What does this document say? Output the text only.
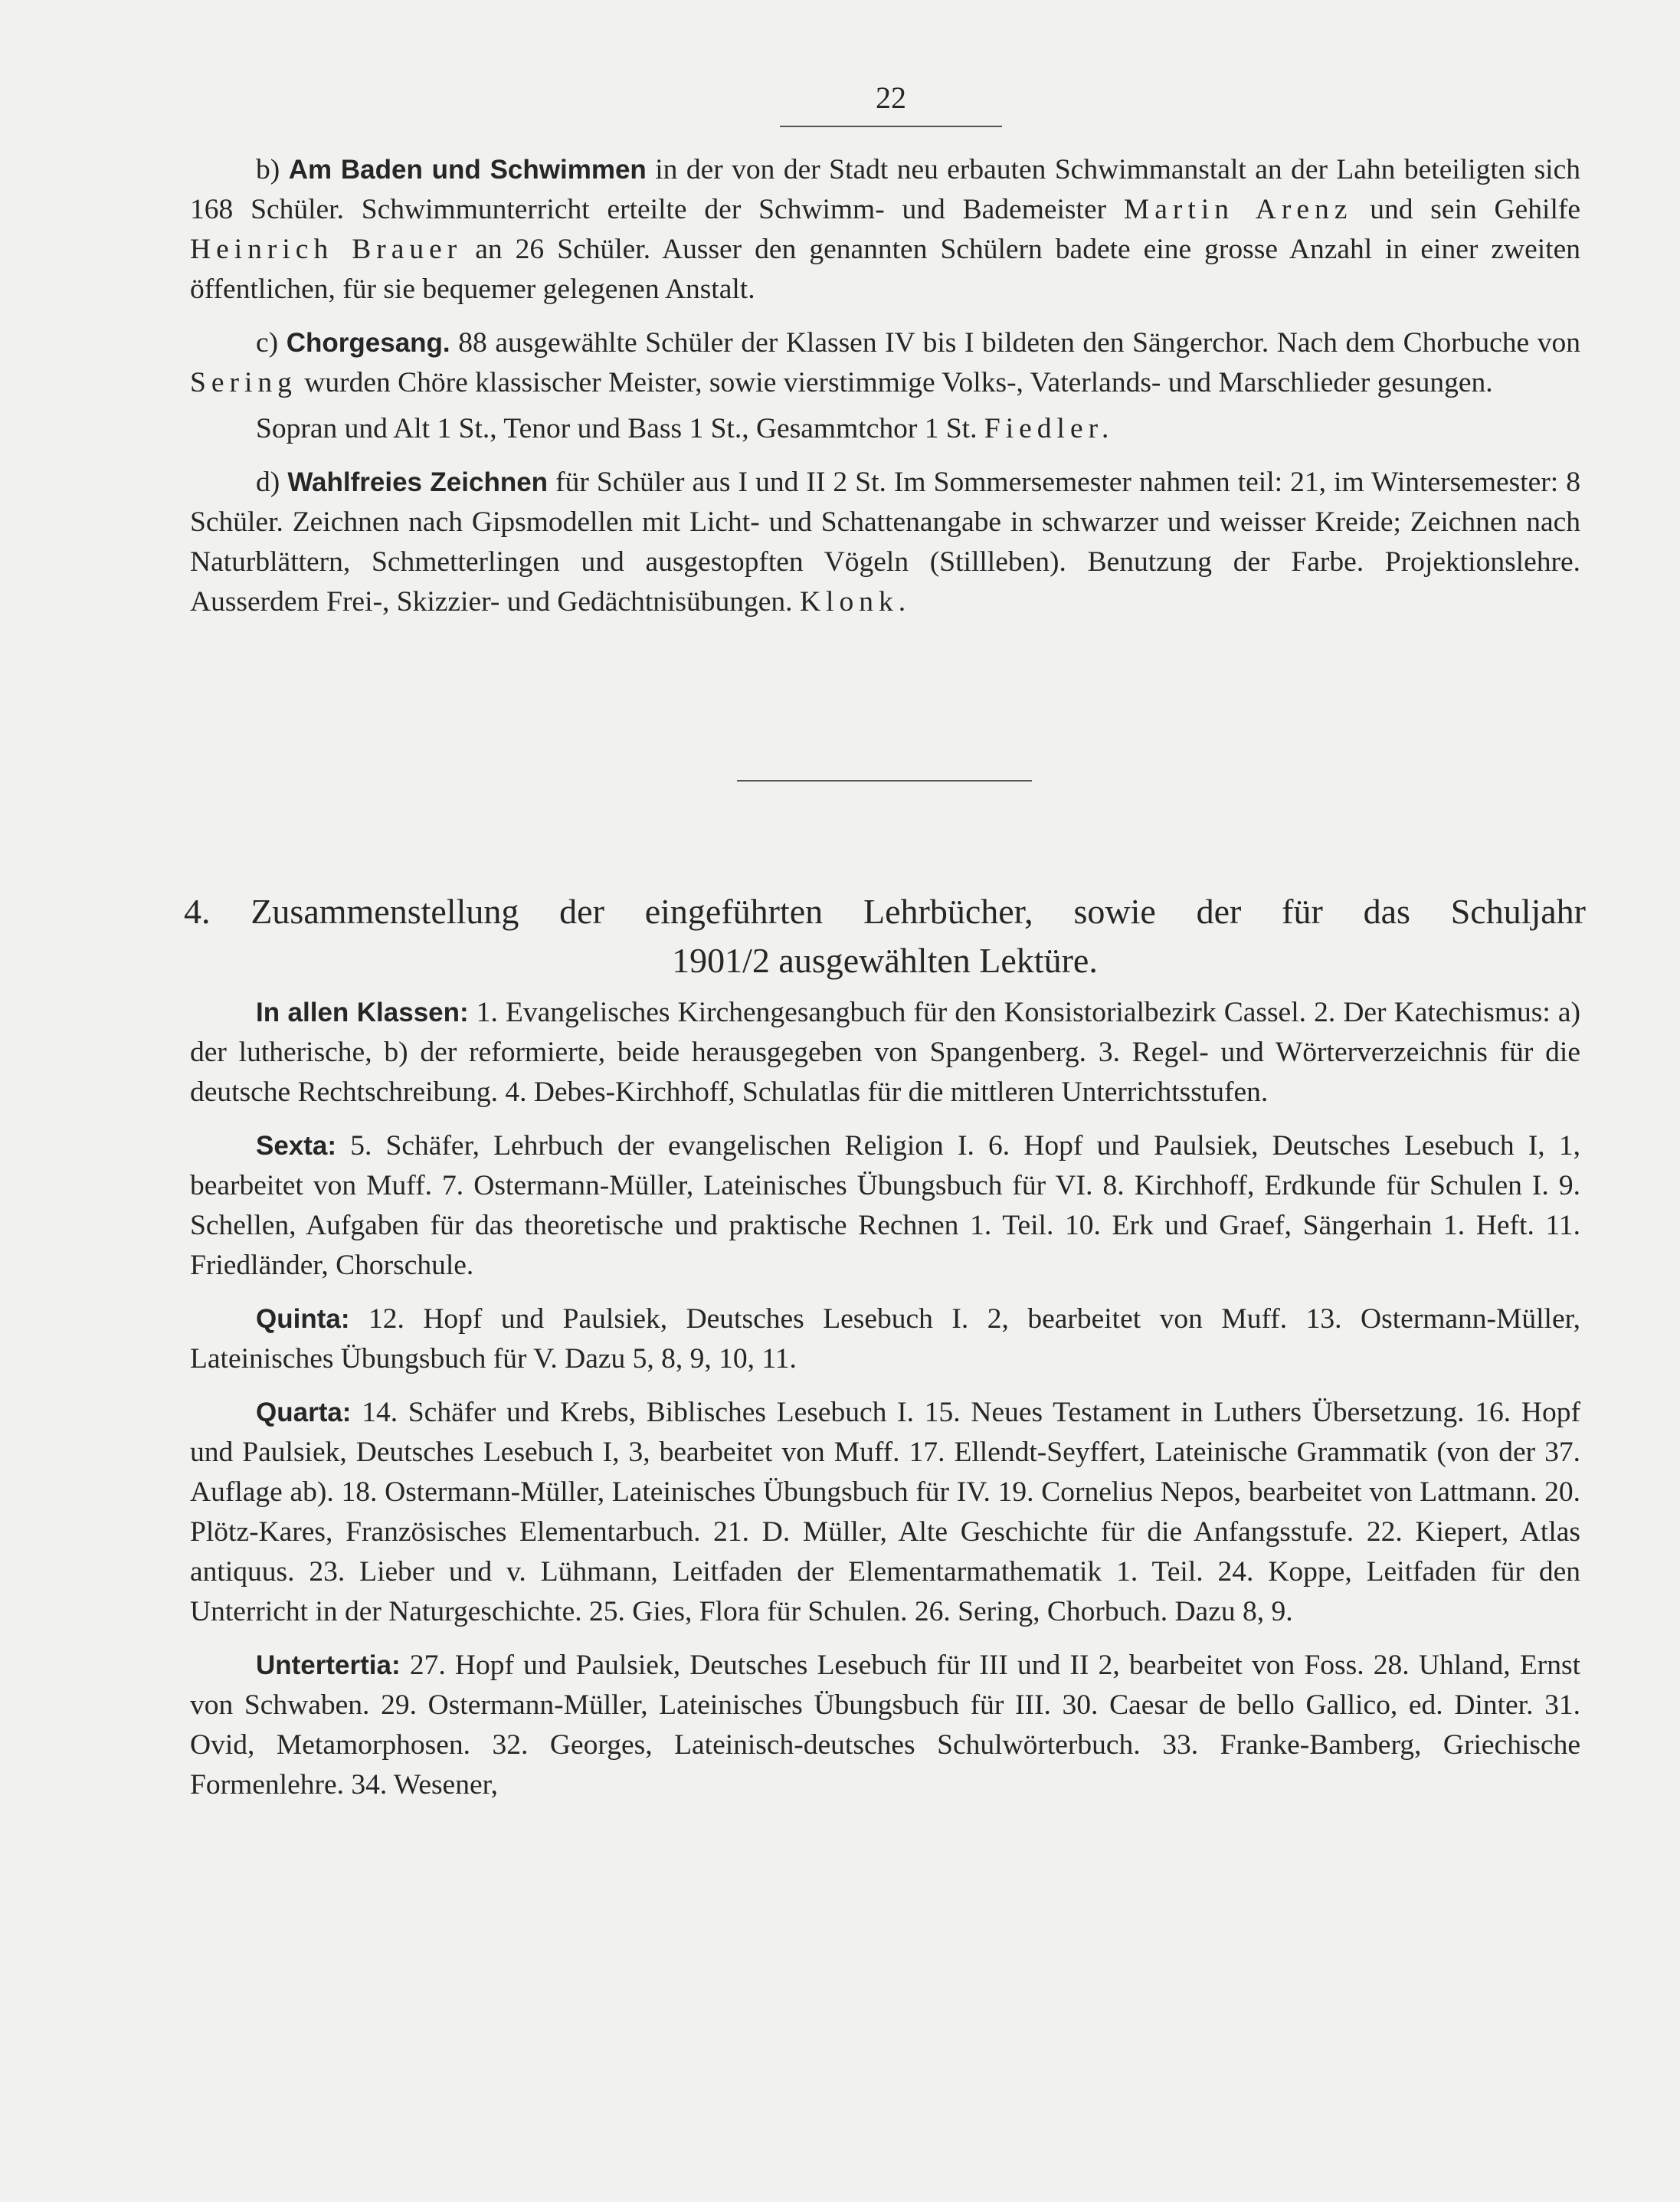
22

b) Am Baden und Schwimmen in der von der Stadt neu erbauten Schwimmanstalt an der Lahn beteiligten sich 168 Schüler. Schwimmunterricht erteilte der Schwimm- und Bademeister Martin Arenz und sein Gehilfe Heinrich Brauer an 26 Schüler. Ausser den genannten Schülern badete eine grosse Anzahl in einer zweiten öffentlichen, für sie bequemer gelegenen Anstalt.

c) Chorgesang. 88 ausgewählte Schüler der Klassen IV bis I bildeten den Sängerchor. Nach dem Chorbuche von Sering wurden Chöre klassischer Meister, sowie vierstimmige Volks-, Vaterlands- und Marschlieder gesungen.

Sopran und Alt 1 St., Tenor und Bass 1 St., Gesammtchor 1 St. Fiedler.

d) Wahlfreies Zeichnen für Schüler aus I und II 2 St. Im Sommersemester nahmen teil: 21, im Wintersemester: 8 Schüler. Zeichnen nach Gipsmodellen mit Licht- und Schattenangabe in schwarzer und weisser Kreide; Zeichnen nach Naturblättern, Schmetterlingen und ausgestopften Vögeln (Stillleben). Benutzung der Farbe. Projektionslehre. Ausserdem Frei-, Skizzier- und Gedächtnisübungen. Klonk.

4. Zusammenstellung der eingeführten Lehrbücher, sowie der für das Schuljahr
1901/2 ausgewählten Lektüre.

In allen Klassen: 1. Evangelisches Kirchengesangbuch für den Konsistorialbezirk Cassel. 2. Der Katechismus: a) der lutherische, b) der reformierte, beide herausgegeben von Spangenberg. 3. Regel- und Wörterverzeichnis für die deutsche Rechtschreibung. 4. Debes-Kirchhoff, Schulatlas für die mittleren Unterrichtsstufen.

Sexta: 5. Schäfer, Lehrbuch der evangelischen Religion I. 6. Hopf und Paulsiek, Deutsches Lesebuch I, 1, bearbeitet von Muff. 7. Ostermann-Müller, Lateinisches Übungsbuch für VI. 8. Kirchhoff, Erdkunde für Schulen I. 9. Schellen, Aufgaben für das theoretische und praktische Rechnen 1. Teil. 10. Erk und Graef, Sängerhain 1. Heft. 11. Friedländer, Chorschule.

Quinta: 12. Hopf und Paulsiek, Deutsches Lesebuch I. 2, bearbeitet von Muff. 13. Ostermann-Müller, Lateinisches Übungsbuch für V. Dazu 5, 8, 9, 10, 11.

Quarta: 14. Schäfer und Krebs, Biblisches Lesebuch I. 15. Neues Testament in Luthers Übersetzung. 16. Hopf und Paulsiek, Deutsches Lesebuch I, 3, bearbeitet von Muff. 17. Ellendt-Seyffert, Lateinische Grammatik (von der 37. Auflage ab). 18. Ostermann-Müller, Lateinisches Übungsbuch für IV. 19. Cornelius Nepos, bearbeitet von Lattmann. 20. Plötz-Kares, Französisches Elementarbuch. 21. D. Müller, Alte Geschichte für die Anfangsstufe. 22. Kiepert, Atlas antiquus. 23. Lieber und v. Lühmann, Leitfaden der Elementarmathematik 1. Teil. 24. Koppe, Leitfaden für den Unterricht in der Naturgeschichte. 25. Gies, Flora für Schulen. 26. Sering, Chorbuch. Dazu 8, 9.

Untertertia: 27. Hopf und Paulsiek, Deutsches Lesebuch für III und II 2, bearbeitet von Foss. 28. Uhland, Ernst von Schwaben. 29. Ostermann-Müller, Lateinisches Übungsbuch für III. 30. Caesar de bello Gallico, ed. Dinter. 31. Ovid, Metamorphosen. 32. Georges, Lateinisch-deutsches Schulwörterbuch. 33. Franke-Bamberg, Griechische Formenlehre. 34. Wesener,
